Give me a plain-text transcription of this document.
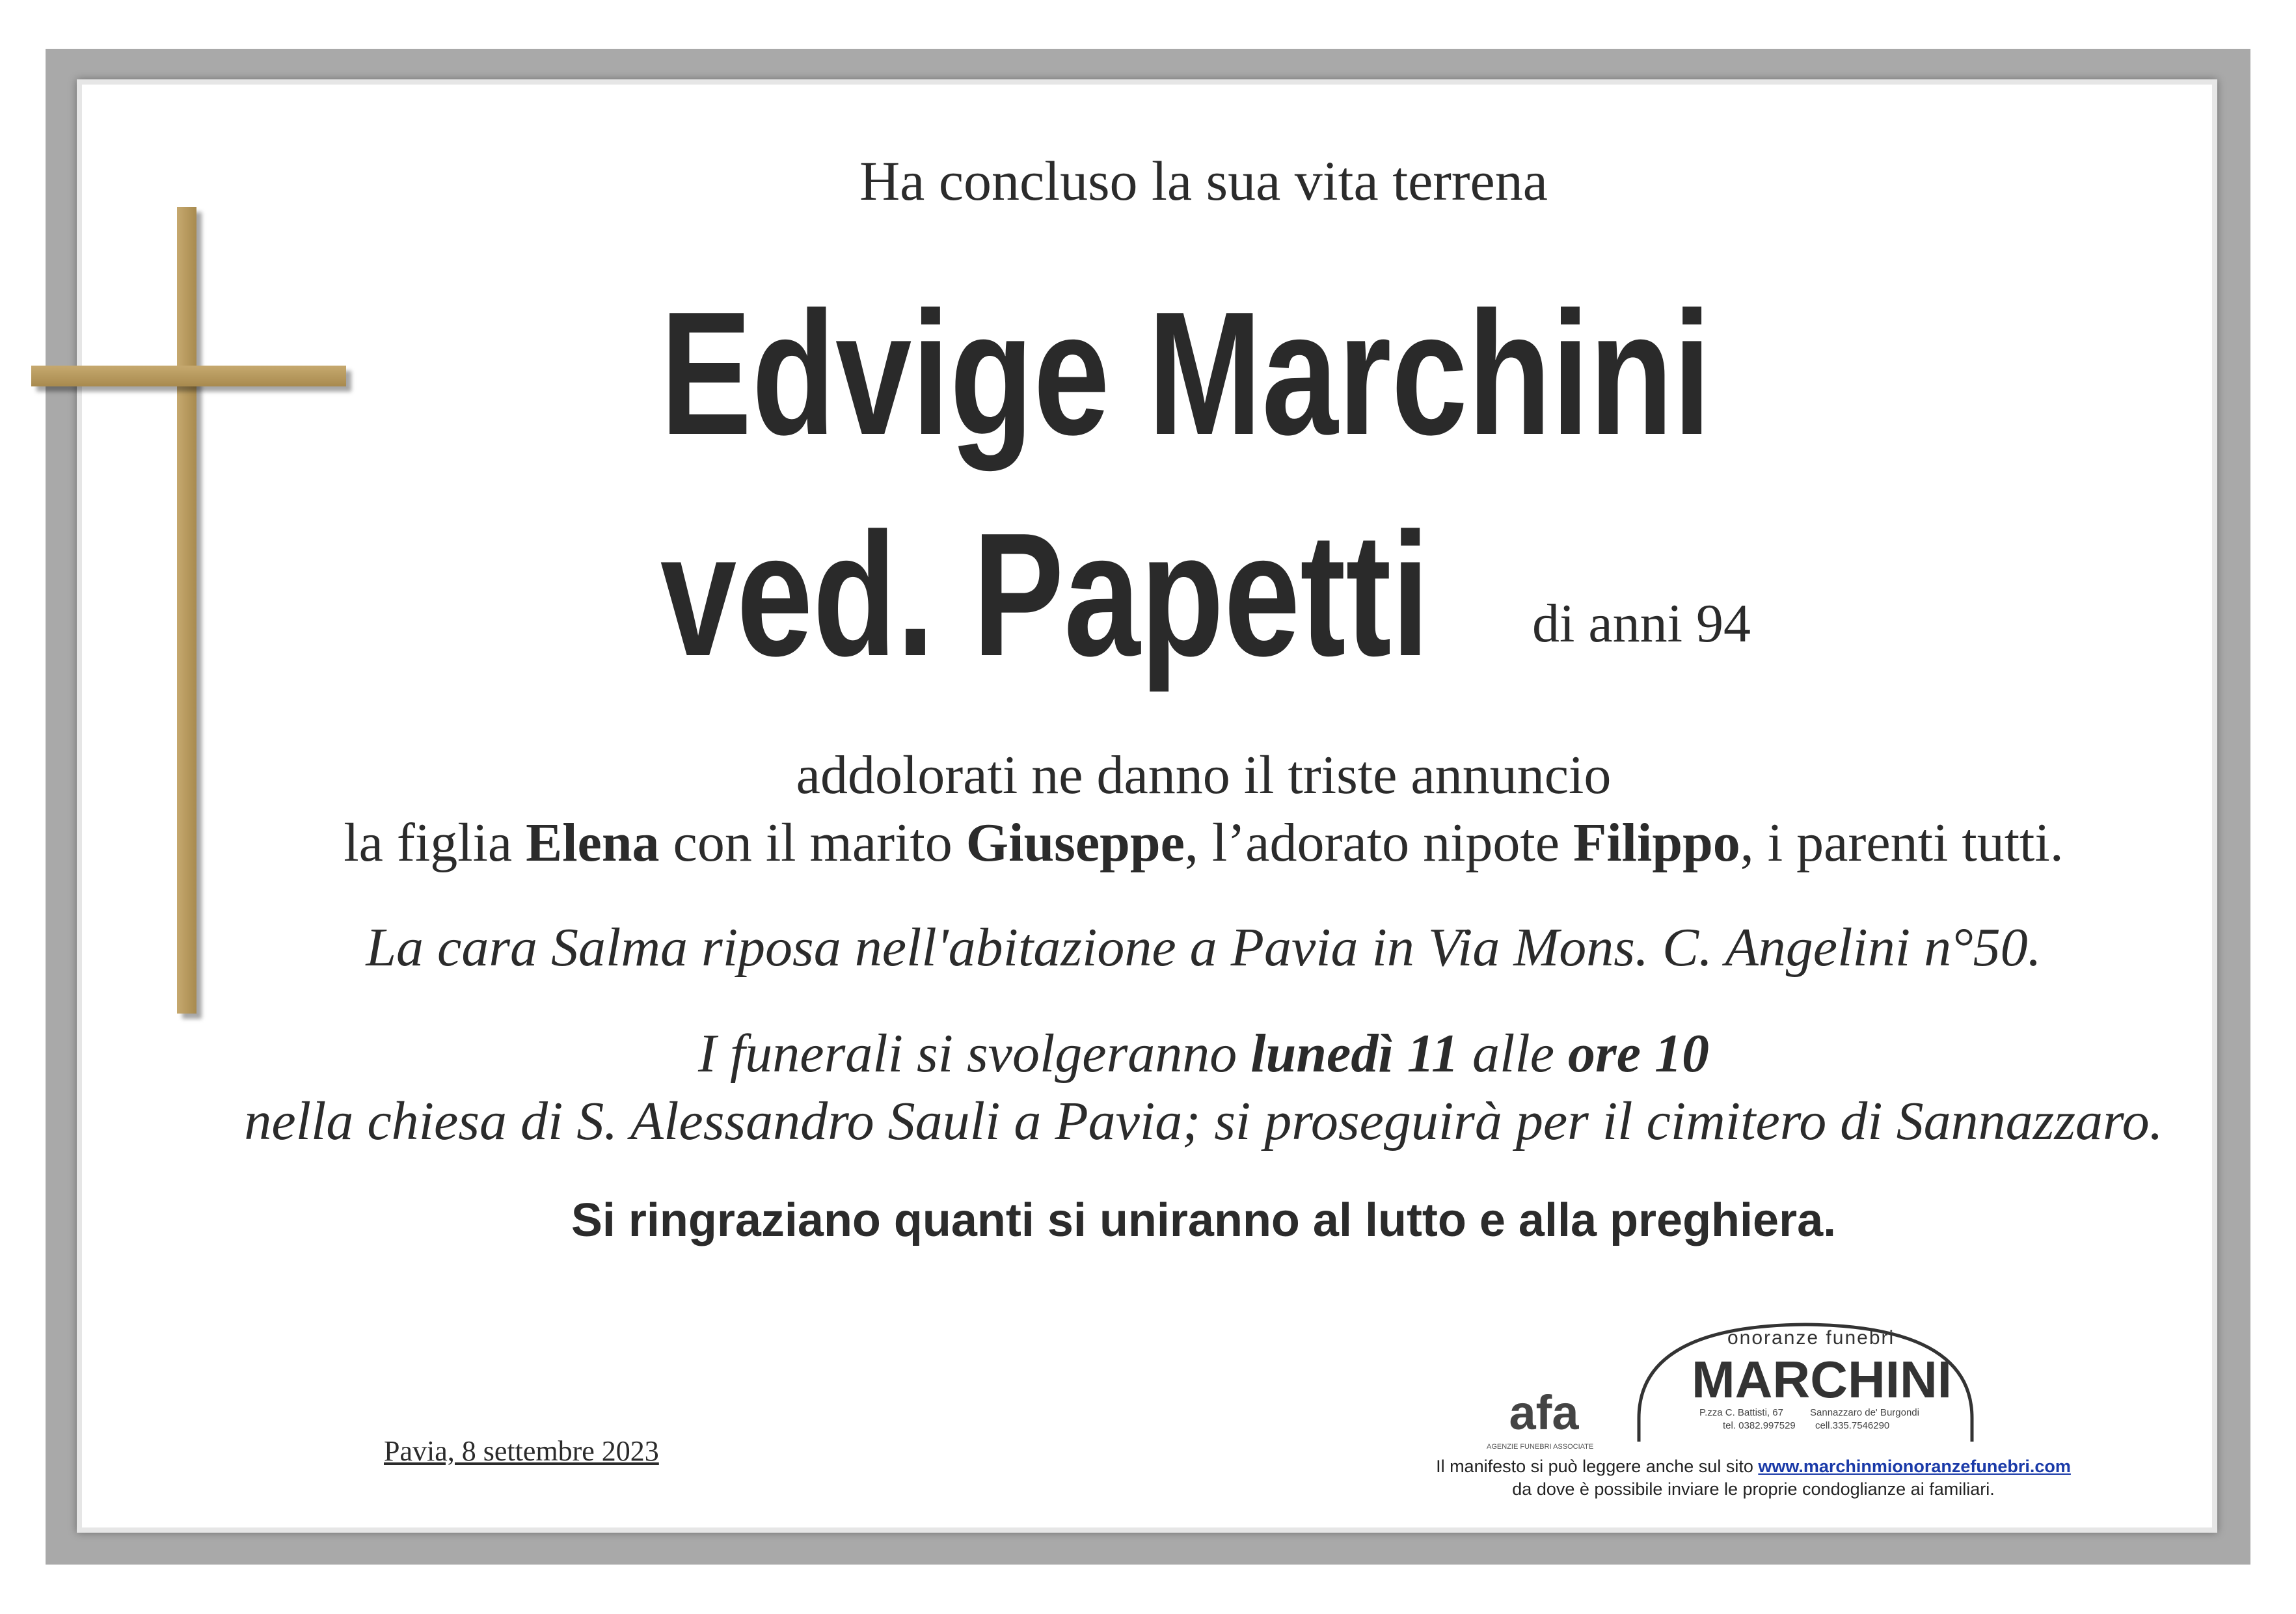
Ha concluso la sua vita terrena
Edvige Marchini
ved. Papetti di anni 94
addolorati ne danno il triste annuncio
la figlia Elena con il marito Giuseppe, l’adorato nipote Filippo, i parenti tutti.
La cara Salma riposa nell'abitazione a Pavia in Via Mons. C. Angelini n°50.
I funerali si svolgeranno lunedì 11 alle ore 10
nella chiesa di S. Alessandro Sauli a Pavia; si proseguirà per il cimitero di Sannazzaro.
Si ringraziano quanti si uniranno al lutto e alla preghiera.
Pavia, 8 settembre 2023
afa
AGENZIE FUNEBRI ASSOCIATE
onoranze funebri
MARCHINI
P.zza C. Battisti, 67	Sannazzaro de' Burgondi
tel. 0382.997529 cell.335.7546290
Il manifesto si può leggere anche sul sito www.marchinmionoranzefunebri.com
da dove è possibile inviare le proprie condoglianze ai familiari.
